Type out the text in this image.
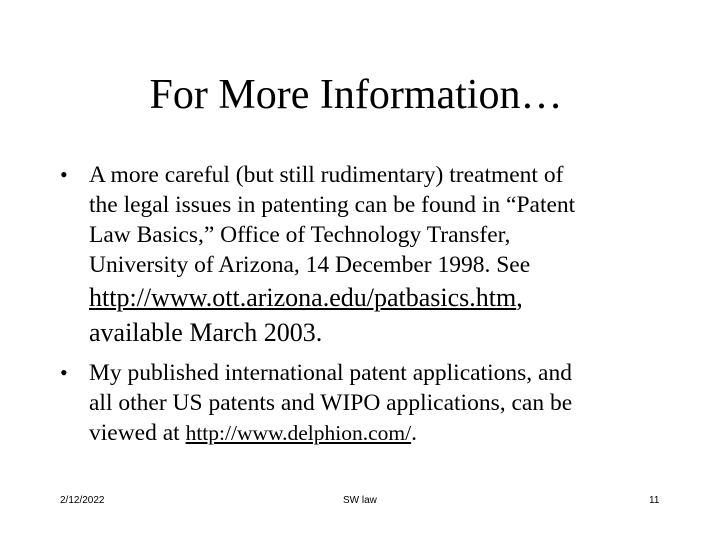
For More Information…
• A more careful (but still rudimentary) treatment of
the legal issues in patenting can be found in “Patent
Law Basics,” Office of Technology Transfer,
University of Arizona, 14 December 1998. See
http://www.ott.arizona.edu/patbasics.htm,
available March 2003.
• My published international patent applications, and
all other US patents and WIPO applications, can be
viewed at http://www.delphion.com/.
2/12/2022	SW law	11
